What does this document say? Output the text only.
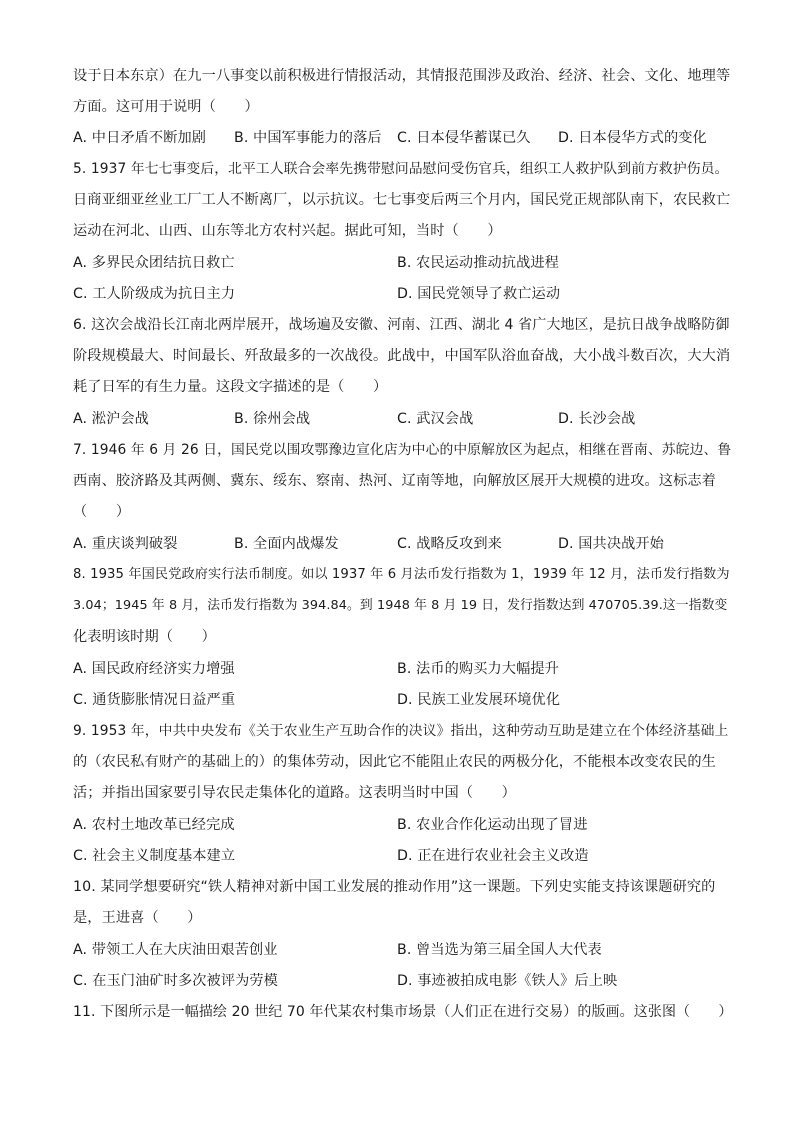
设于日本东京）在九一八事变以前积极进行情报活动，其情报范围涉及政治、经济、社会、文化、地理等
方面。这可用于说明（　　）
A. 中日矛盾不断加剧 B. 中国军事能力的落后 C. 日本侵华蓄谋已久 D. 日本侵华方式的变化
5. 1937 年七七事变后，北平工人联合会率先携带慰问品慰问受伤官兵，组织工人救护队到前方救护伤员。
日商亚细亚丝业工厂工人不断离厂，以示抗议。七七事变后两三个月内，国民党正规部队南下，农民救亡
运动在河北、山西、山东等北方农村兴起。据此可知，当时（　　）
A. 多界民众团结抗日救亡	B. 农民运动推动抗战进程
C. 工人阶级成为抗日主力	D. 国民党领导了救亡运动
6. 这次会战沿长江南北两岸展开，战场遍及安徽、河南、江西、湖北 4 省广大地区，是抗日战争战略防御
阶段规模最大、时间最长、歼敌最多的一次战役。此战中，中国军队浴血奋战，大小战斗数百次，大大消
耗了日军的有生力量。这段文字描述的是（　　）
A. 淞沪会战	B. 徐州会战	C. 武汉会战	D. 长沙会战
7. 1946 年 6 月 26 日，国民党以围攻鄂豫边宣化店为中心的中原解放区为起点，相继在晋南、苏皖边、鲁
西南、胶济路及其两侧、冀东、绥东、察南、热河、辽南等地，向解放区展开大规模的进攻。这标志着
（　　）
A. 重庆谈判破裂	B. 全面内战爆发	C. 战略反攻到来	D. 国共决战开始
8. 1935 年国民党政府实行法币制度。如以 1937 年 6 月法币发行指数为 1，1939 年 12 月，法币发行指数为
3.04；1945 年 8 月，法币发行指数为 394.84。到 1948 年 8 月 19 日，发行指数达到 470705.39.这一指数变
化表明该时期（　　）
A. 国民政府经济实力增强	B. 法币的购买力大幅提升
C. 通货膨胀情况日益严重	D. 民族工业发展环境优化
9. 1953 年，中共中央发布《关于农业生产互助合作的决议》指出，这种劳动互助是建立在个体经济基础上
的（农民私有财产的基础上的）的集体劳动，因此它不能阻止农民的两极分化，不能根本改变农民的生
活；并指出国家要引导农民走集体化的道路。这表明当时中国（　　）
A. 农村土地改革已经完成	B. 农业合作化运动出现了冒进
C. 社会主义制度基本建立	D. 正在进行农业社会主义改造
10. 某同学想要研究“铁人精神对新中国工业发展的推动作用”这一课题。下列史实能支持该课题研究的
是，王进喜（　　）
A. 带领工人在大庆油田艰苦创业	B. 曾当选为第三届全国人大代表
C. 在玉门油矿时多次被评为劳模	D. 事迹被拍成电影《铁人》后上映
11. 下图所示是一幅描绘 20 世纪 70 年代某农村集市场景（人们正在进行交易）的版画。这张图（　　）
